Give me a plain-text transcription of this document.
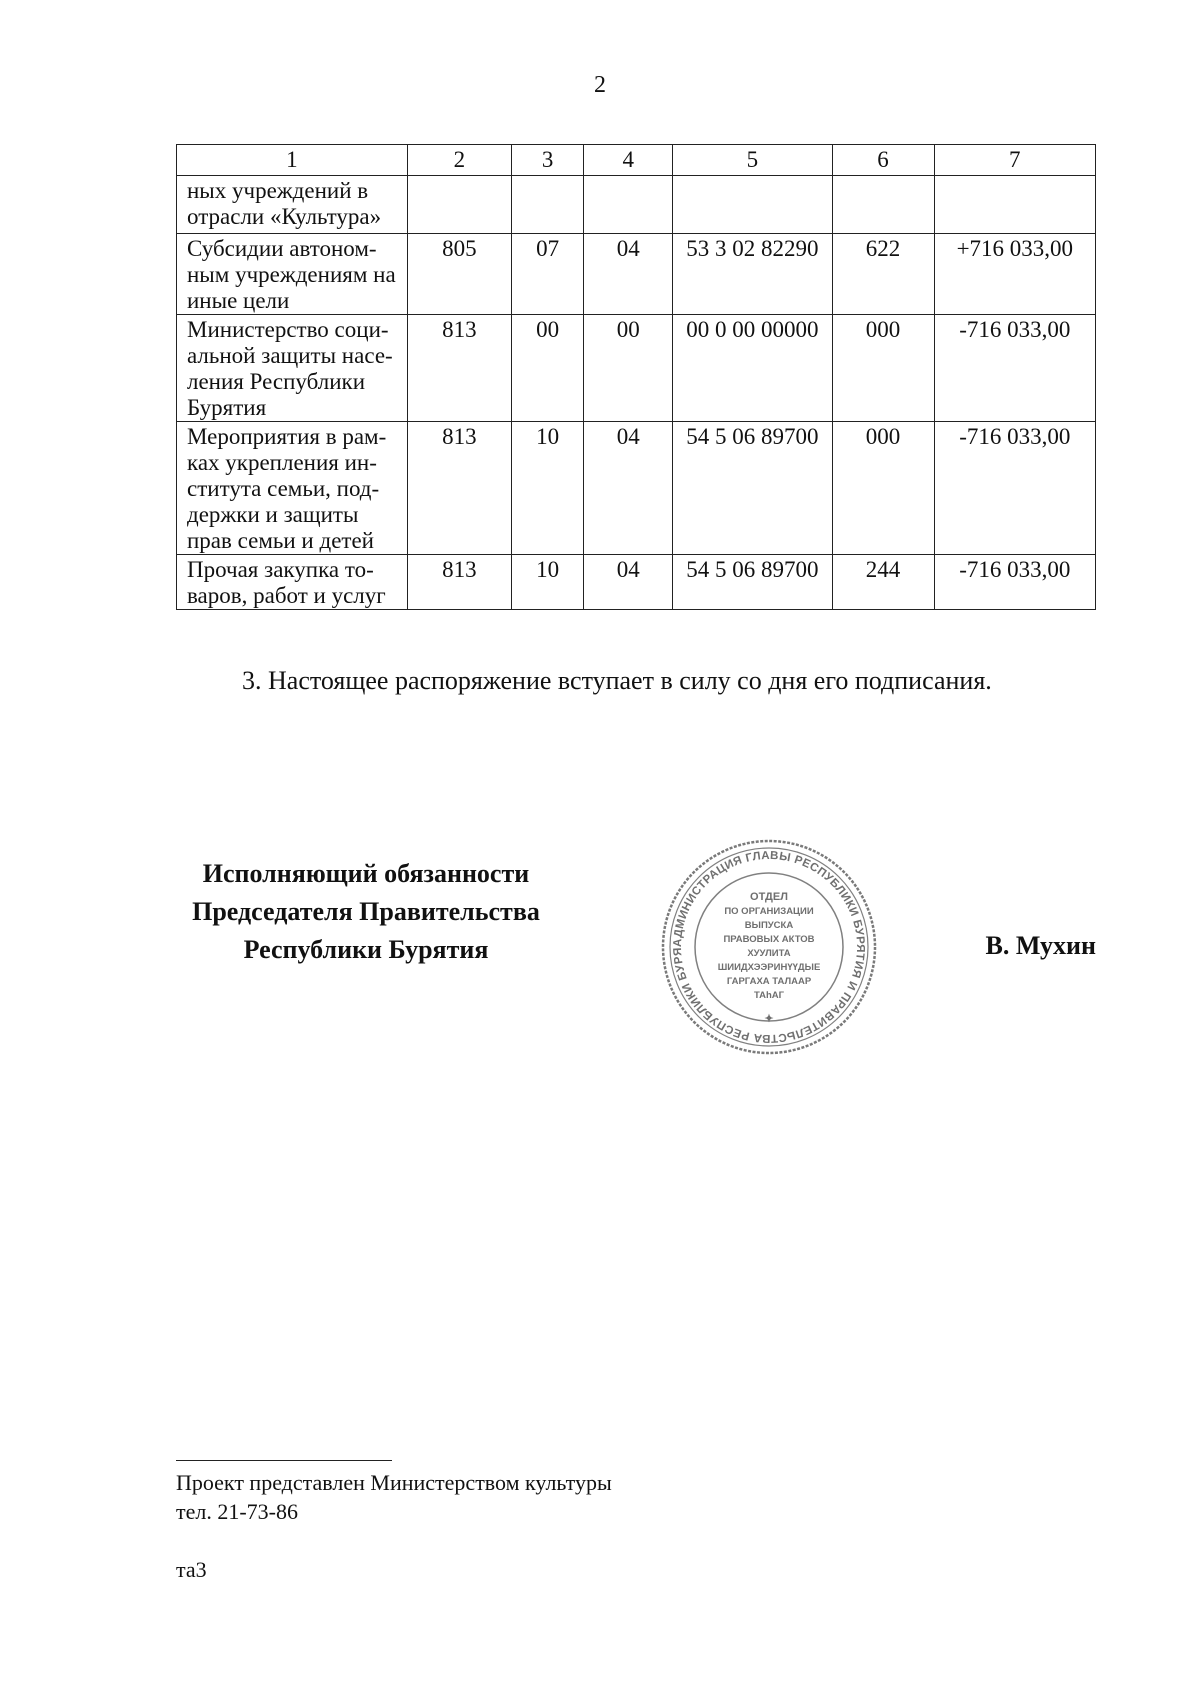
2
1	2	3	4	5	6	7
ных учреждений в отрасли «Культура»						
Субсидии автоном- ным учреждениям на иные цели	805	07	04	53 3 02 82290	622	+716 033,00
Министерство соци- альной защиты насе- ления Республики Бурятия	813	00	00	00 0 00 00000	000	-716 033,00
Мероприятия в рам- ках укрепления ин- ститута семьи, под- держки и защиты прав семьи и детей	813	10	04	54 5 06 89700	000	-716 033,00
Прочая закупка то- варов, работ и услуг	813	10	04	54 5 06 89700	244	-716 033,00
3. Настоящее распоряжение вступает в силу со дня его подписания.
Исполняющий обязанности
Председателя Правительства
Республики Бурятия	АДМИНИСТРАЦИЯ ГЛАВЫ РЕСПУБЛИКИ БУРЯТИЯ И ПРАВИТЕЛЬСТВА РЕСПУБЛИКИ БУРЯ
ОТДЕЛ
ПО ОРГАНИЗАЦИИ
ВЫПУСКА
ПРАВОВЫХ АКТОВ
ХУУЛИТА
ШИИДХЭЭРИНҮҮДЫЕ
ГАРГАХА ТАЛААР
ТАһАГ
✦
В. Мухин
Проект представлен Министерством культуры
тел. 21-73-86
та3
